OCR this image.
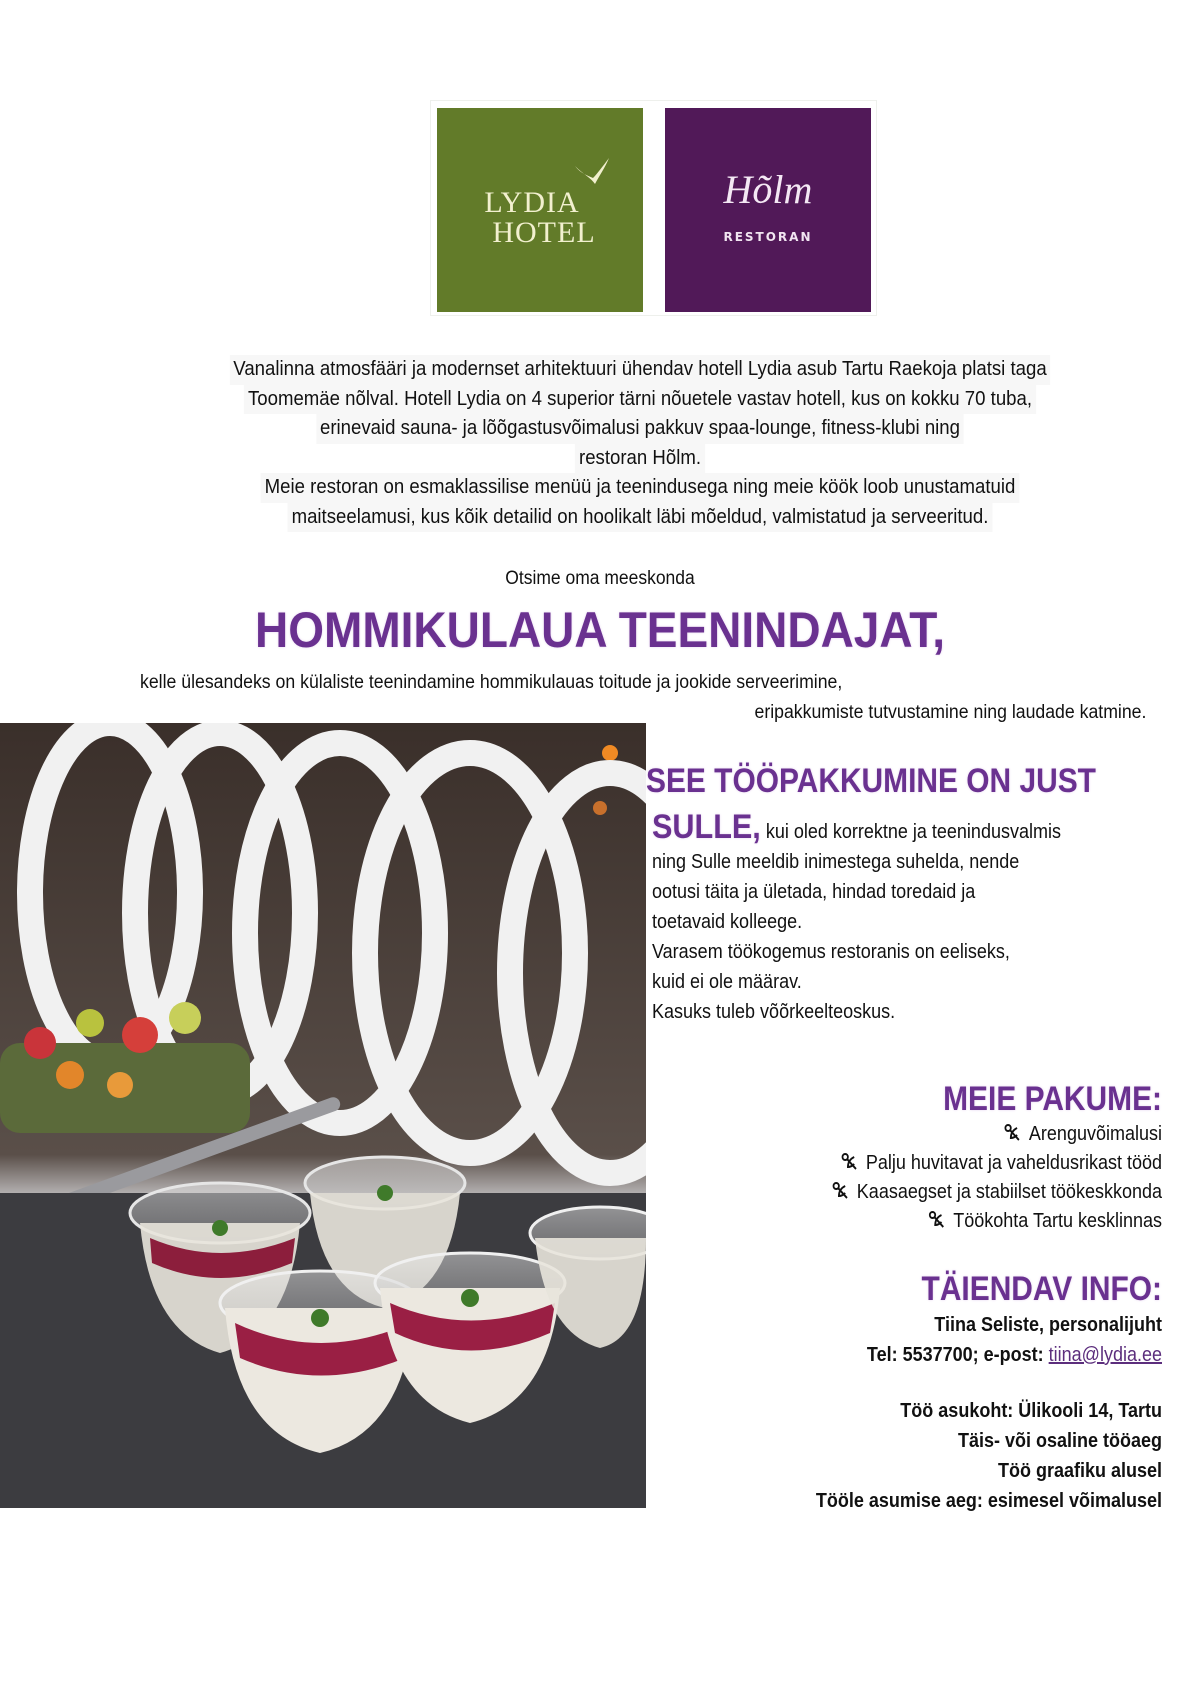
LYDIA
HOTEL
Hõlm
RESTORAN
Vanalinna atmosfääri ja modernset arhitektuuri ühendav hotell Lydia asub Tartu Raekoja platsi taga
Toomemäe nõlval. Hotell Lydia on 4 superior tärni nõuetele vastav hotell, kus on kokku 70 tuba,
erinevaid sauna- ja lõõgastusvõimalusi pakkuv spaa-lounge, fitness-klubi ning
restoran Hõlm.
Meie restoran on esmaklassilise menüü ja teenindusega ning meie köök loob unustamatuid
maitseelamusi, kus kõik detailid on hoolikalt läbi mõeldud, valmistatud ja serveeritud.
Otsime oma meeskonda
HOMMIKULAUA TEENINDAJAT,
kelle ülesandeks on külaliste teenindamine hommikulauas toitude ja jookide serveerimine,
eripakkumiste tutvustamine ning laudade katmine.
SEE TÖÖPAKKUMINE ON JUST
SULLE, kui oled korrektne ja teenindusvalmis
ning Sulle meeldib inimestega suhelda, nende
ootusi täita ja ületada, hindad toredaid ja
toetavaid kolleege.
Varasem töökogemus restoranis on eeliseks,
kuid ei ole määrav.
Kasuks tuleb võõrkeelteoskus.
MEIE PAKUME:
Arenguvõimalusi
Palju huvitavat ja vaheldusrikast tööd
Kaasaegset ja stabiilset töökeskkonda
Töökohta Tartu kesklinnas
TÄIENDAV INFO:
Tiina Seliste, personalijuht
Tel: 5537700; e-post: tiina@lydia.ee
Töö asukoht: Ülikooli 14, Tartu
Täis- või osaline tööaeg
Töö graafiku alusel
Tööle asumise aeg: esimesel võimalusel
